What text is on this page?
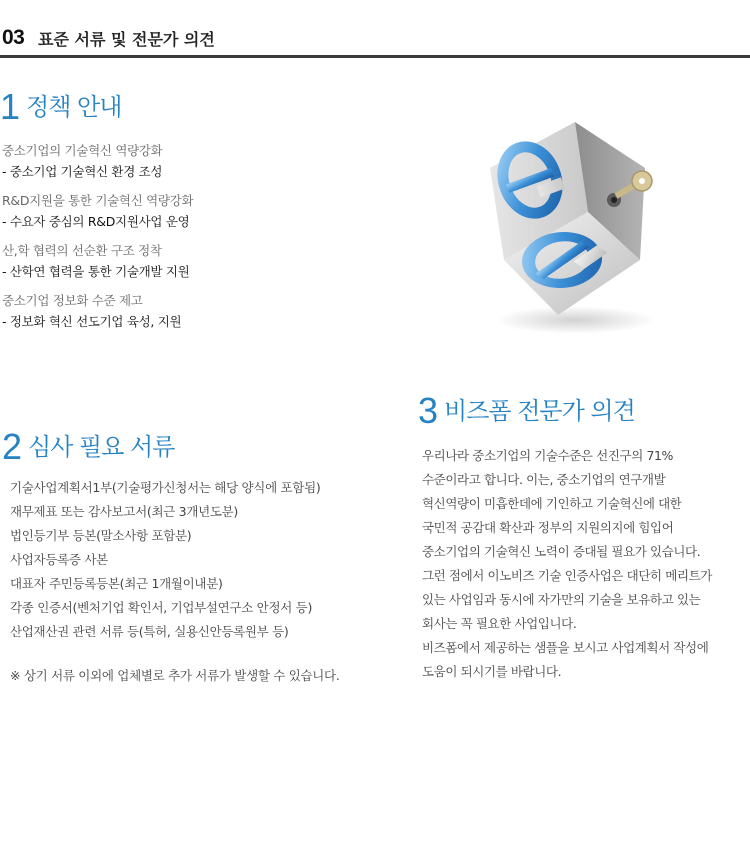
03 표준 서류 및 전문가 의견
1 정책 안내
중소기업의 기술혁신 역량강화
- 중소기업 기술혁신 환경 조성
R&D지원을 통한 기술혁신 역량강화
- 수요자 중심의 R&D지원사업 운영
산,학 협력의 선순환 구조 정착
- 산학연 협력을 통한 기술개발 지원
중소기업 정보화 수준 제고
- 정보화 혁신 선도기업 육성, 지원
2 심사 필요 서류
기술사업계획서1부(기술평가신청서는 해당 양식에 포함됨)
재무제표 또는 감사보고서(최근 3개년도분)
법인등기부 등본(말소사항 포함분)
사업자등록증 사본
대표자 주민등록등본(최근 1개월이내분)
각종 인증서(벤처기업 확인서, 기업부설연구소 안정서 등)
산업재산권 관련 서류 등(특허, 실용신안등록원부 등)
※ 상기 서류 이외에 업체별로 추가 서류가 발생할 수 있습니다.
3 비즈폼 전문가 의견
우리나라 중소기업의 기술수준은 선진구의 71%
수준이라고 합니다. 이는, 중소기업의 연구개발
혁신역량이 미흡한데에 기인하고 기술혁신에 대한
국민적 공감대 확산과 정부의 지원의지에 힘입어
중소기업의 기술혁신 노력이 증대될 필요가 있습니다.
그런 점에서 이노비즈 기술 인증사업은 대단히 메리트가
있는 사업임과 동시에 자가만의 기술을 보유하고 있는
회사는 꼭 필요한 사업입니다.
비즈폼에서 제공하는 샘플을 보시고 사업계획서 작성에
도움이 되시기를 바랍니다.
